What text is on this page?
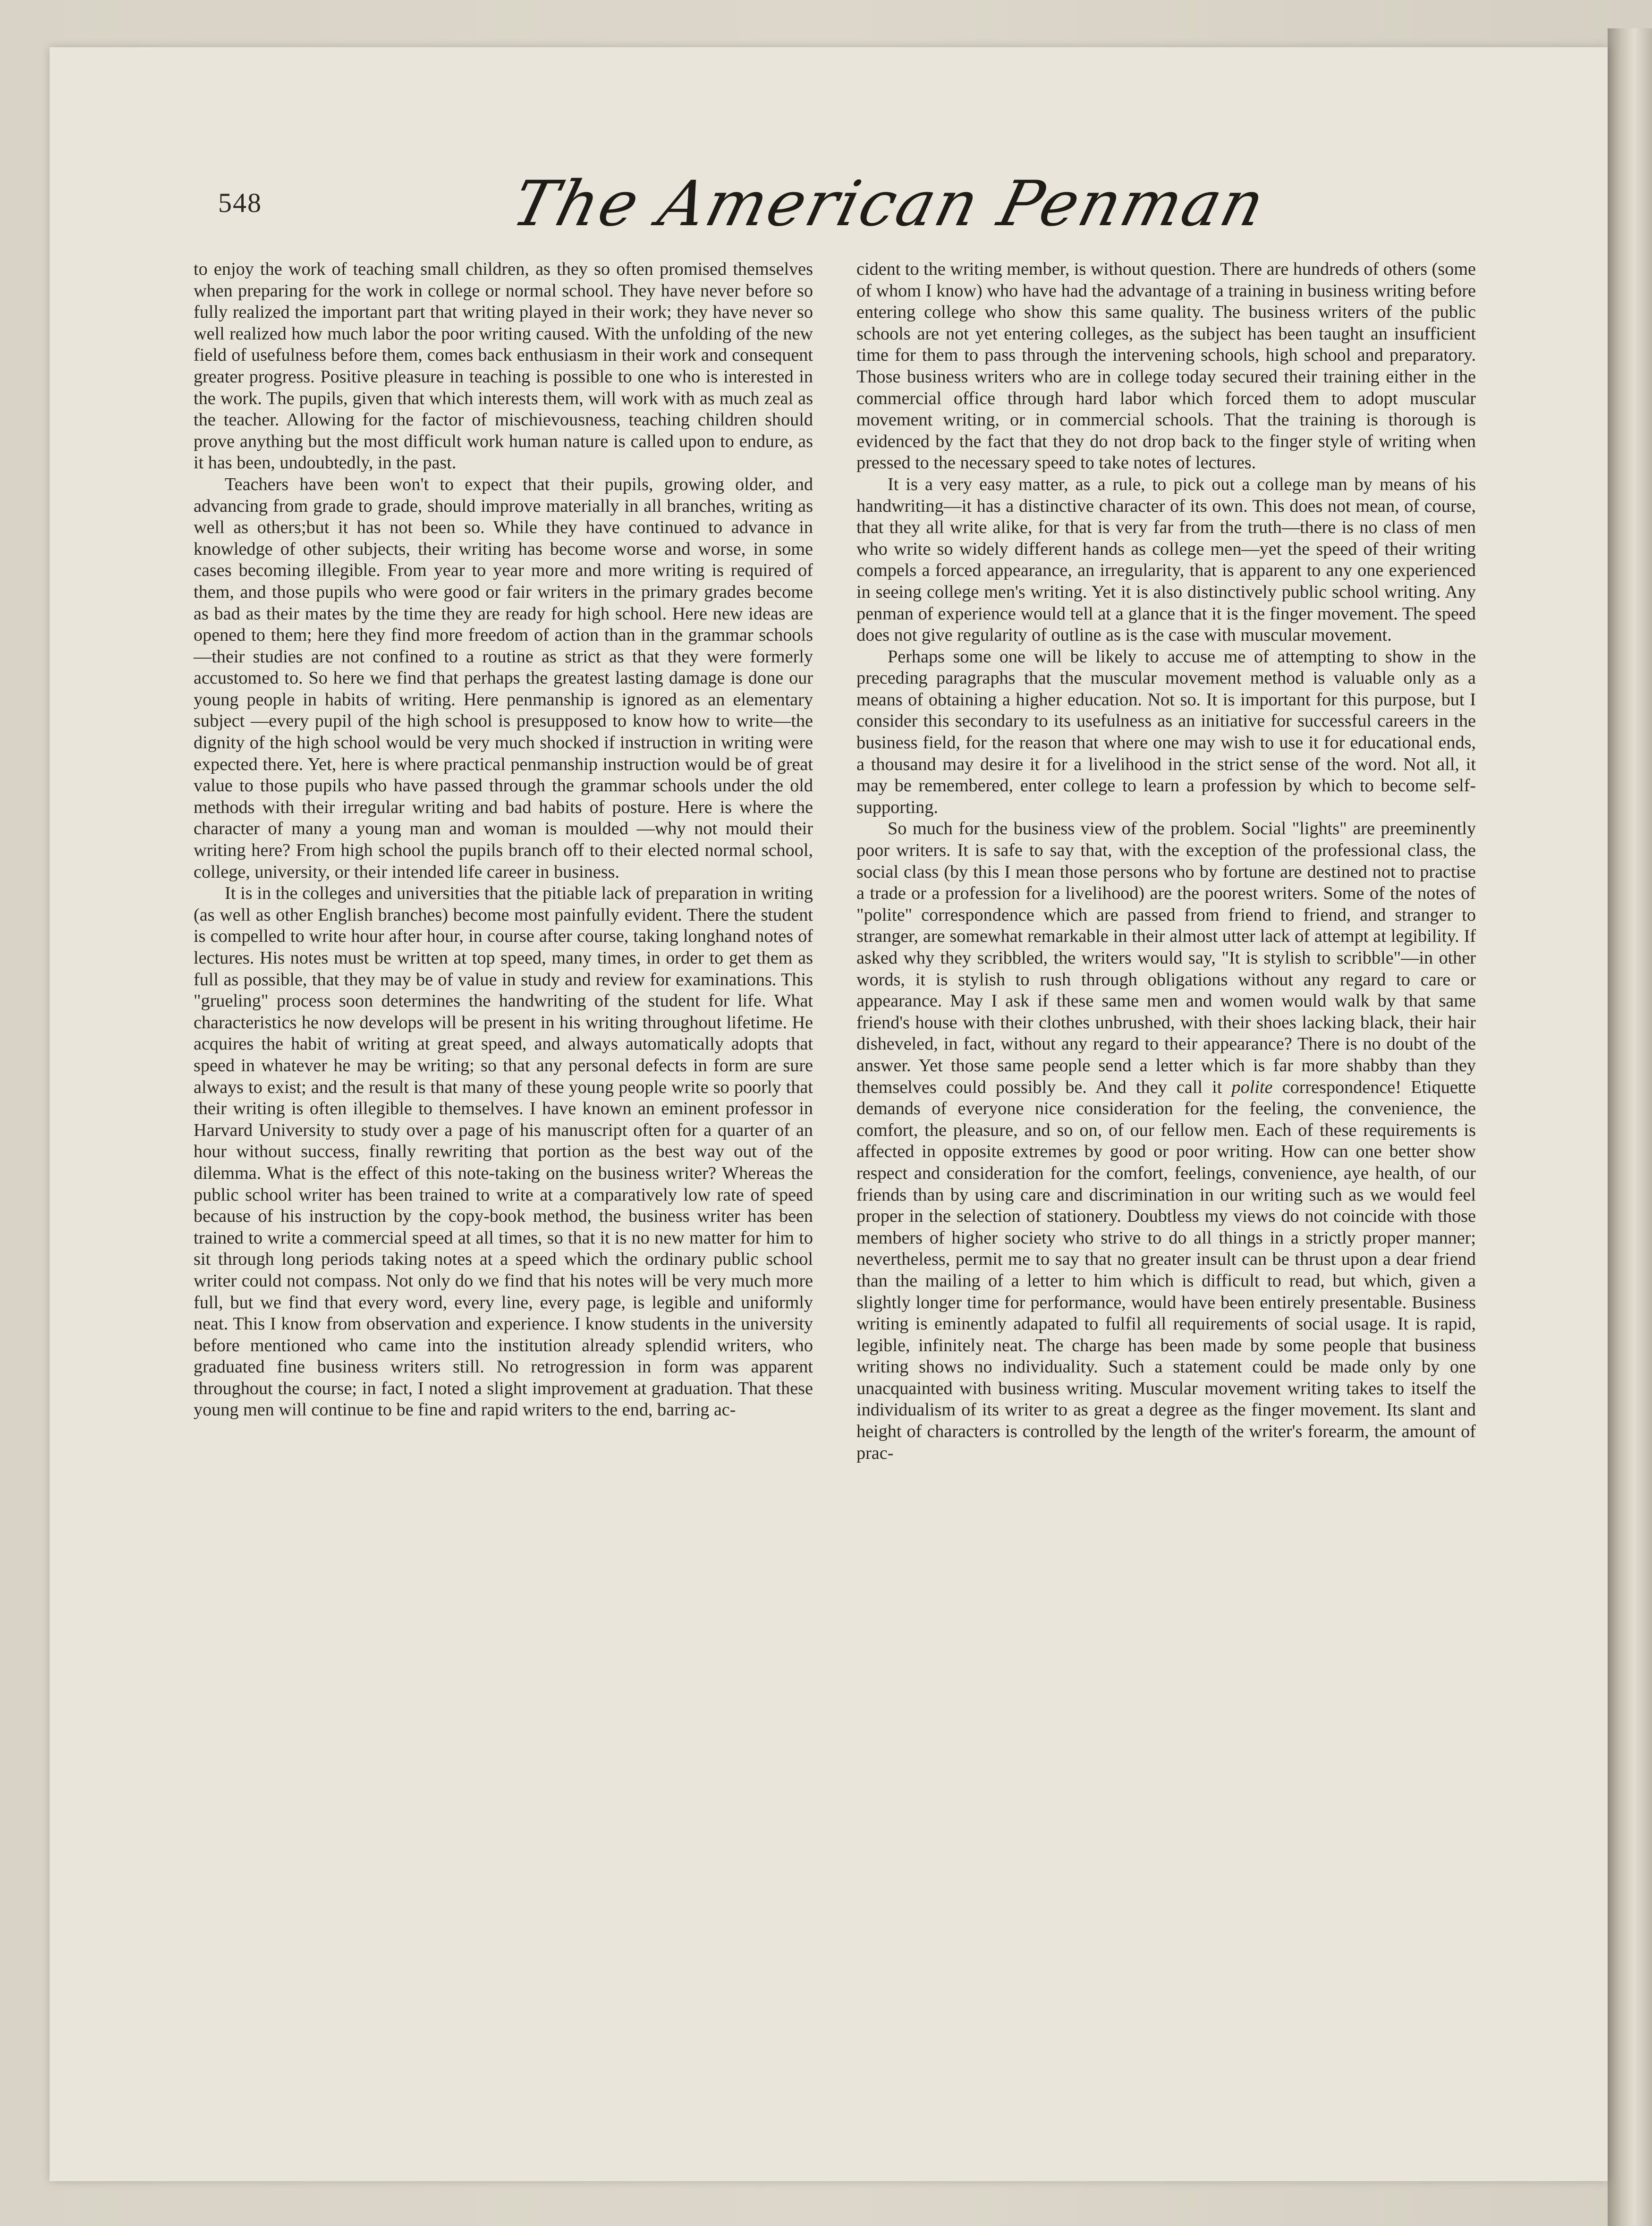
548	The American Penman

to enjoy the work of teaching small children, as they so often promised themselves when preparing for the work in college or normal school. They have never before so fully realized the important part that writing played in their work; they have never so well realized how much labor the poor writing caused. With the unfolding of the new field of usefulness before them, comes back enthusiasm in their work and consequent greater progress. Positive pleasure in teaching is possible to one who is interested in the work. The pupils, given that which interests them, will work with as much zeal as the teacher. Allowing for the factor of mischievousness, teaching children should prove anything but the most difficult work human nature is called upon to endure, as it has been, undoubtedly, in the past.

Teachers have been won't to expect that their pupils, growing older, and advancing from grade to grade, should improve materially in all branches, writing as well as others;but it has not been so. While they have continued to advance in knowledge of other subjects, their writing has become worse and worse, in some cases becoming illegible. From year to year more and more writing is required of them, and those pupils who were good or fair writers in the primary grades become as bad as their mates by the time they are ready for high school. Here new ideas are opened to them; here they find more freedom of action than in the grammar schools—their studies are not confined to a routine as strict as that they were formerly accustomed to. So here we find that perhaps the greatest lasting damage is done our young people in habits of writing. Here penmanship is ignored as an elementary subject —every pupil of the high school is presupposed to know how to write—the dignity of the high school would be very much shocked if instruction in writing were expected there. Yet, here is where practical penmanship instruction would be of great value to those pupils who have passed through the grammar schools under the old methods with their irregular writing and bad habits of posture. Here is where the character of many a young man and woman is moulded —why not mould their writing here? From high school the pupils branch off to their elected normal school, college, university, or their intended life career in business.

It is in the colleges and universities that the pitiable lack of preparation in writing (as well as other English branches) become most painfully evident. There the student is compelled to write hour after hour, in course after course, taking longhand notes of lectures. His notes must be written at top speed, many times, in order to get them as full as possible, that they may be of value in study and review for examinations. This "grueling" process soon determines the handwriting of the student for life. What characteristics he now develops will be present in his writing throughout lifetime. He acquires the habit of writing at great speed, and always automatically adopts that speed in whatever he may be writing; so that any personal defects in form are sure always to exist; and the result is that many of these young people write so poorly that their writing is often illegible to themselves. I have known an eminent professor in Harvard University to study over a page of his manuscript often for a quarter of an hour without success, finally rewriting that portion as the best way out of the dilemma. What is the effect of this note-taking on the business writer? Whereas the public school writer has been trained to write at a comparatively low rate of speed because of his instruction by the copy-book method, the business writer has been trained to write a commercial speed at all times, so that it is no new matter for him to sit through long periods taking notes at a speed which the ordinary public school writer could not compass. Not only do we find that his notes will be very much more full, but we find that every word, every line, every page, is legible and uniformly neat. This I know from observation and experience. I know students in the university before mentioned who came into the institution already splendid writers, who graduated fine business writers still. No retrogression in form was apparent throughout the course; in fact, I noted a slight improvement at graduation. That these young men will continue to be fine and rapid writers to the end, barring ac-

cident to the writing member, is without question. There are hundreds of others (some of whom I know) who have had the advantage of a training in business writing before entering college who show this same quality. The business writers of the public schools are not yet entering colleges, as the subject has been taught an insufficient time for them to pass through the intervening schools, high school and preparatory. Those business writers who are in college today secured their training either in the commercial office through hard labor which forced them to adopt muscular movement writing, or in commercial schools. That the training is thorough is evidenced by the fact that they do not drop back to the finger style of writing when pressed to the necessary speed to take notes of lectures.

It is a very easy matter, as a rule, to pick out a college man by means of his handwriting—it has a distinctive character of its own. This does not mean, of course, that they all write alike, for that is very far from the truth—there is no class of men who write so widely different hands as college men—yet the speed of their writing compels a forced appearance, an irregularity, that is apparent to any one experienced in seeing college men's writing. Yet it is also distinctively public school writing. Any penman of experience would tell at a glance that it is the finger movement. The speed does not give regularity of outline as is the case with muscular movement.

Perhaps some one will be likely to accuse me of attempting to show in the preceding paragraphs that the muscular movement method is valuable only as a means of obtaining a higher education. Not so. It is important for this purpose, but I consider this secondary to its usefulness as an initiative for successful careers in the business field, for the reason that where one may wish to use it for educational ends, a thousand may desire it for a livelihood in the strict sense of the word. Not all, it may be remembered, enter college to learn a profession by which to become self-supporting.

So much for the business view of the problem. Social "lights" are preeminently poor writers. It is safe to say that, with the exception of the professional class, the social class (by this I mean those persons who by fortune are destined not to practise a trade or a profession for a livelihood) are the poorest writers. Some of the notes of "polite" correspondence which are passed from friend to friend, and stranger to stranger, are somewhat remarkable in their almost utter lack of attempt at legibility. If asked why they scribbled, the writers would say, "It is stylish to scribble"—in other words, it is stylish to rush through obligations without any regard to care or appearance. May I ask if these same men and women would walk by that same friend's house with their clothes unbrushed, with their shoes lacking black, their hair disheveled, in fact, without any regard to their appearance? There is no doubt of the answer. Yet those same people send a letter which is far more shabby than they themselves could possibly be. And they call it polite correspondence! Etiquette demands of everyone nice consideration for the feeling, the convenience, the comfort, the pleasure, and so on, of our fellow men. Each of these requirements is affected in opposite extremes by good or poor writing. How can one better show respect and consideration for the comfort, feelings, convenience, aye health, of our friends than by using care and discrimination in our writing such as we would feel proper in the selection of stationery. Doubtless my views do not coincide with those members of higher society who strive to do all things in a strictly proper manner; nevertheless, permit me to say that no greater insult can be thrust upon a dear friend than the mailing of a letter to him which is difficult to read, but which, given a slightly longer time for performance, would have been entirely presentable. Business writing is eminently adapated to fulfil all requirements of social usage. It is rapid, legible, infinitely neat. The charge has been made by some people that business writing shows no individuality. Such a statement could be made only by one unacquainted with business writing. Muscular movement writing takes to itself the individualism of its writer to as great a degree as the finger movement. Its slant and height of characters is controlled by the length of the writer's forearm, the amount of prac-
